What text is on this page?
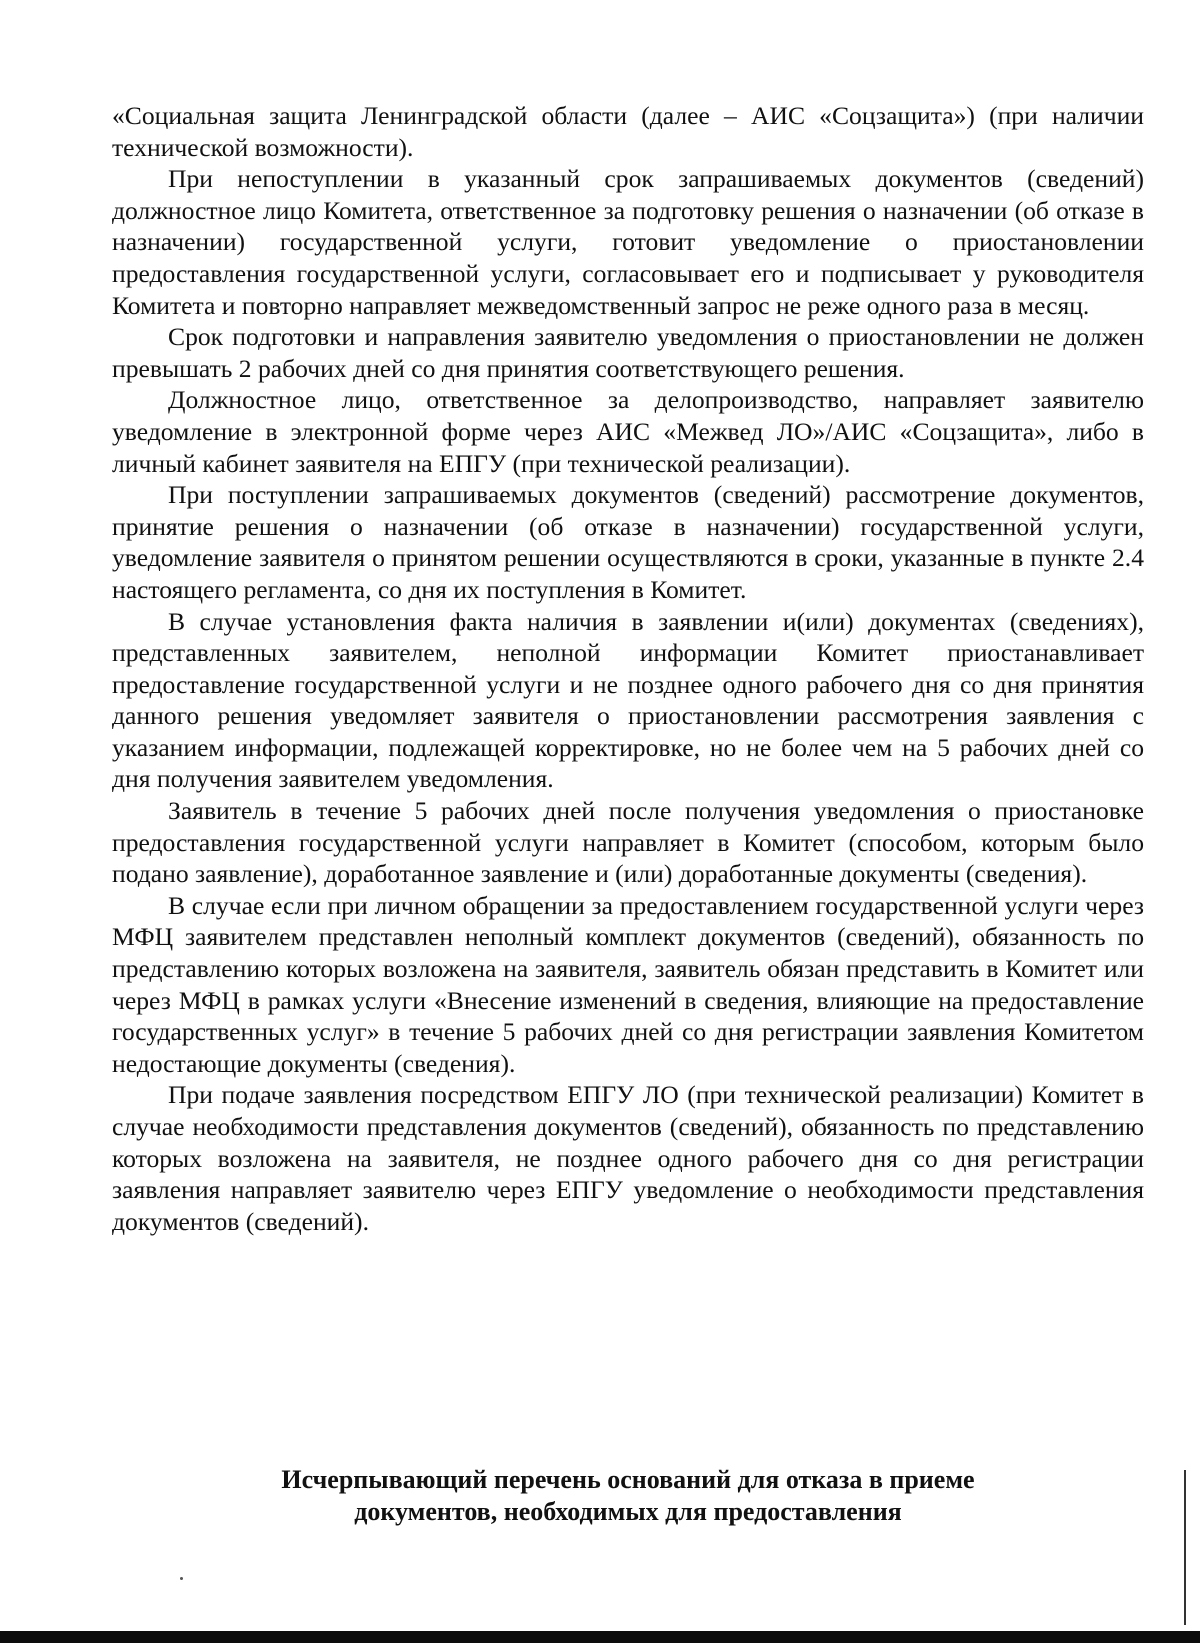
«Социальная защита Ленинградской области (далее – АИС «Соцзащита») (при наличии технической возможности).

При непоступлении в указанный срок запрашиваемых документов (сведений) должностное лицо Комитета, ответственное за подготовку решения о назначении (об отказе в назначении) государственной услуги, готовит уведомление о приостановлении предоставления государственной услуги, согласовывает его и подписывает у руководителя Комитета и повторно направляет межведомственный запрос не реже одного раза в месяц.

Срок подготовки и направления заявителю уведомления о приостановлении не должен превышать 2 рабочих дней со дня принятия соответствующего решения.

Должностное лицо, ответственное за делопроизводство, направляет заявителю уведомление в электронной форме через АИС «Межвед ЛО»/АИС «Соцзащита», либо в личный кабинет заявителя на ЕПГУ (при технической реализации).

При поступлении запрашиваемых документов (сведений) рассмотрение документов, принятие решения о назначении (об отказе в назначении) государственной услуги, уведомление заявителя о принятом решении осуществляются в сроки, указанные в пункте 2.4 настоящего регламента, со дня их поступления в Комитет.

В случае установления факта наличия в заявлении и(или) документах (сведениях), представленных заявителем, неполной информации Комитет приостанавливает предоставление государственной услуги и не позднее одного рабочего дня со дня принятия данного решения уведомляет заявителя о приостановлении рассмотрения заявления с указанием информации, подлежащей корректировке, но не более чем на 5 рабочих дней со дня получения заявителем уведомления.

Заявитель в течение 5 рабочих дней после получения уведомления о приостановке предоставления государственной услуги направляет в Комитет (способом, которым было подано заявление), доработанное заявление и (или) доработанные документы (сведения).

В случае если при личном обращении за предоставлением государственной услуги через МФЦ заявителем представлен неполный комплект документов (сведений), обязанность по представлению которых возложена на заявителя, заявитель обязан представить в Комитет или через МФЦ в рамках услуги «Внесение изменений в сведения, влияющие на предоставление государственных услуг» в течение 5 рабочих дней со дня регистрации заявления Комитетом недостающие документы (сведения).

При подаче заявления посредством ЕПГУ ЛО (при технической реализации) Комитет в случае необходимости представления документов (сведений), обязанность по представлению которых возложена на заявителя, не позднее одного рабочего дня со дня регистрации заявления направляет заявителю через ЕПГУ уведомление о необходимости представления документов (сведений).

Исчерпывающий перечень оснований для отказа в приеме

документов, необходимых для предоставления
